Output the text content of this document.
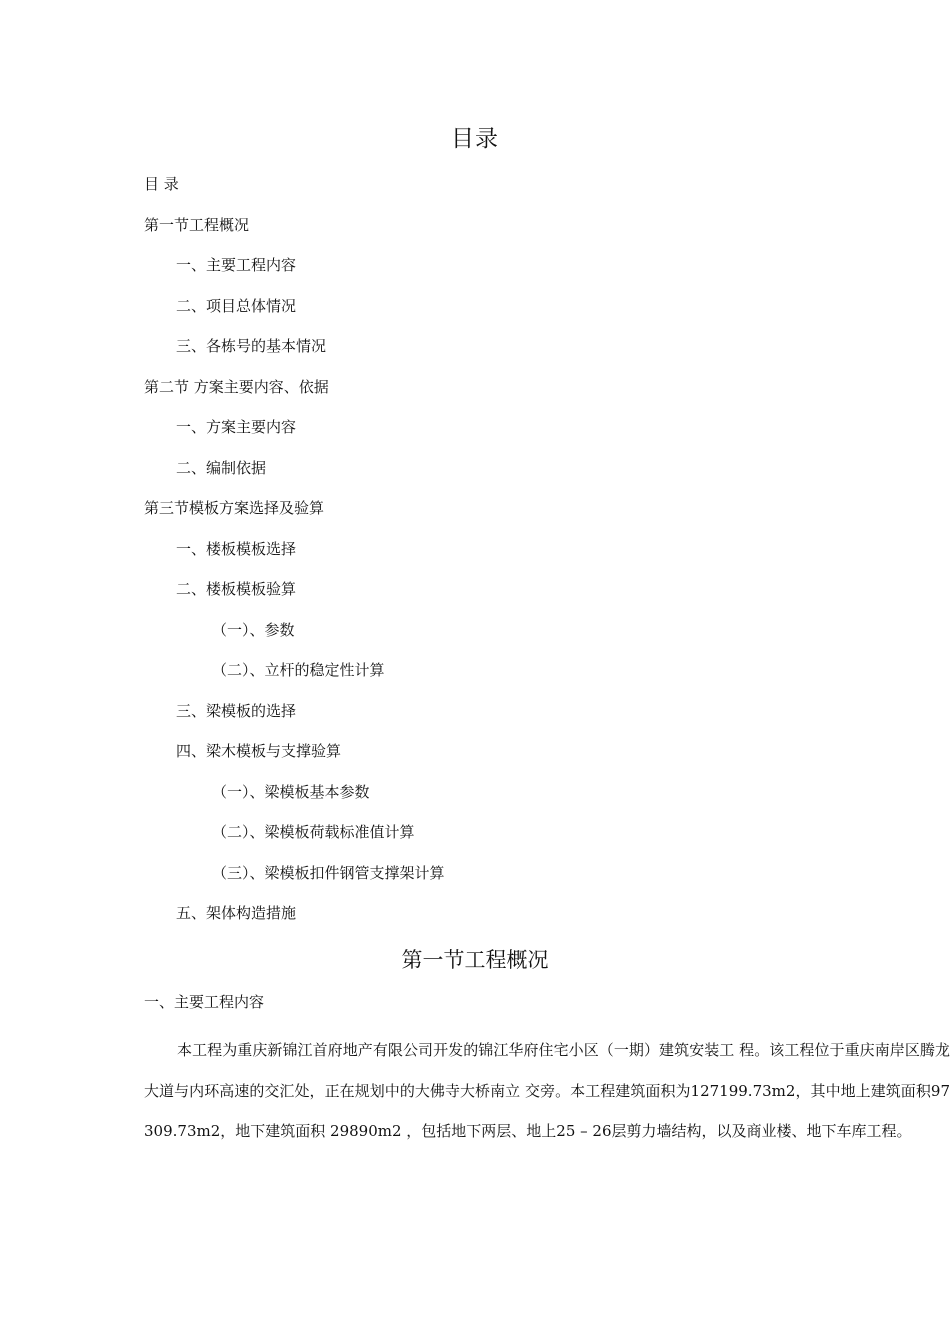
目录
目 录
第一节工程概况
一、主要工程内容
二、项目总体情况
三、各栋号的基本情况
第二节 方案主要内容、依据
一、方案主要内容
二、编制依据
第三节模板方案选择及验算
一、楼板模板选择
二、楼板模板验算
（一）、参数
（二）、立杆的稳定性计算
三、梁模板的选择
四、梁木模板与支撑验算
（一）、梁模板基本参数
（二）、梁模板荷载标准值计算
（三）、梁模板扣件钢管支撑架计算
五、架体构造措施
第一节工程概况
一、主要工程内容
本工程为重庆新锦江首府地产有限公司开发的锦江华府住宅小区（一期）建筑安装工 程。该工程位于重庆南岸区腾龙大道与内环高速的交汇处，正在规划中的大佛寺大桥南立 交旁。本工程建筑面积为127199.73m2，其中地上建筑面积97309.73m2，地下建筑面积 29890m2 ，包括地下两层、地上25 – 26层剪力墙结构，以及商业楼、地下车库工程。
